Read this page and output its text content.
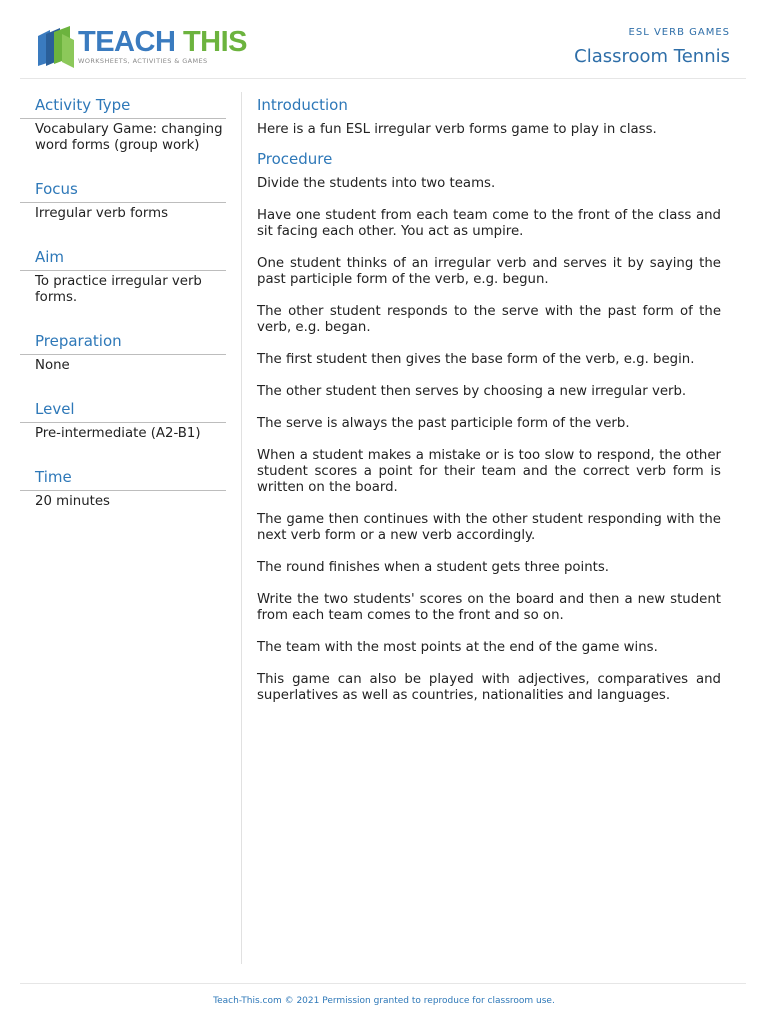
TEACH THIS
WORKSHEETS, ACTIVITIES & GAMES
ESL VERB GAMES
Classroom Tennis
Activity Type
Vocabulary Game: changing word forms (group work)
Focus
Irregular verb forms
Aim
To practice irregular verb forms.
Preparation
None
Level
Pre-intermediate (A2-B1)
Time
20 minutes
Introduction

Here is a fun ESL irregular verb forms game to play in class.

Procedure

Divide the students into two teams.

Have one student from each team come to the front of the class and sit facing each other. You act as umpire.

One student thinks of an irregular verb and serves it by saying the past participle form of the verb, e.g. begun.

The other student responds to the serve with the past form of the verb, e.g. began.

The first student then gives the base form of the verb, e.g. begin.

The other student then serves by choosing a new irregular verb.

The serve is always the past participle form of the verb.

When a student makes a mistake or is too slow to respond, the other student scores a point for their team and the correct verb form is written on the board.

The game then continues with the other student responding with the next verb form or a new verb accordingly.

The round finishes when a student gets three points.

Write the two students' scores on the board and then a new student from each team comes to the front and so on.

The team with the most points at the end of the game wins.

This game can also be played with adjectives, comparatives and superlatives as well as countries, nationalities and languages.

Teach-This.com © 2021 Permission granted to reproduce for classroom use.
